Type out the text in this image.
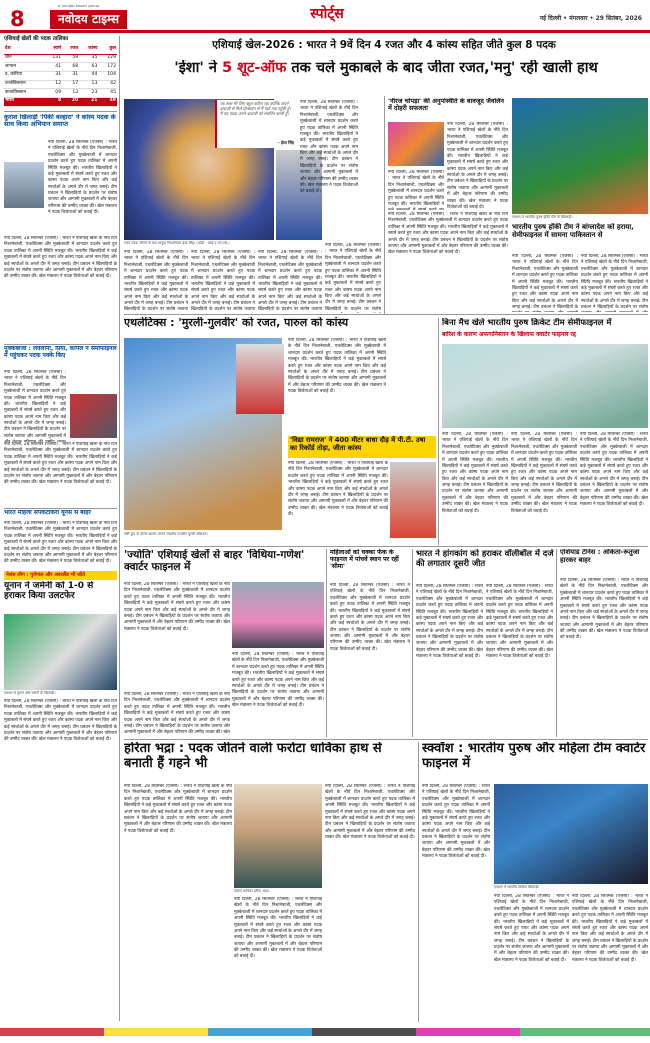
8
a punjab kesari group
नवोदय टाइम्स	स्पोर्ट्स	नई दिल्ली • मंगलवार • 29 सितंबर, 2026
एशियाई खेल-2026 : भारत ने 9वें दिन 4 रजत और 4 कांस्य सहित जीते कुल 8 पदक
एशियाई खेलों की पदक तालिका
देश	स्वर्ण	रजत	कांस्य	कुल
चीन	131	59	35	229
जापान	41	68	63	172
द. कोरिया	31	31	44	104
उज्बेकिस्तान	12	17	13	42
कजाकिस्तान	09	13	23	45
भारत	8	20	21	49
कुराश खिलाड़ी 'पिंकी बल्हारा' ने कांस्य पदक के साथ किया अभियान समाप्त
नयी दिल्ली, 28 सितम्बर (एजेंसी) : भारत ने एशियाई खेलों के नौवें दिन निशानेबाजी, एथलेटिक्स और मुक्केबाजी में शानदार प्रदर्शन करते हुए पदक तालिका में अपनी स्थिति मजबूत की। भारतीय खिलाड़ियों ने कड़े मुकाबलों में संघर्ष करते हुए रजत और कांस्य पदक अपने नाम किए और कई स्पर्धाओं के अगले दौर में जगह बनाई। टीम प्रबंधन ने खिलाड़ियों के प्रदर्शन पर संतोष जताया और आगामी मुकाबलों में और बेहतर परिणाम की उम्मीद व्यक्त की। खेल मंत्रालय ने पदक विजेताओं को बधाई दी।
नयी दिल्ली, 28 सितम्बर (एजेंसी) : भारत ने एशियाई खेलों के नौवें दिन निशानेबाजी, एथलेटिक्स और मुक्केबाजी में शानदार प्रदर्शन करते हुए पदक तालिका में अपनी स्थिति मजबूत की। भारतीय खिलाड़ियों ने कड़े मुकाबलों में संघर्ष करते हुए रजत और कांस्य पदक अपने नाम किए और कई स्पर्धाओं के अगले दौर में जगह बनाई। टीम प्रबंधन ने खिलाड़ियों के प्रदर्शन पर संतोष जताया और आगामी मुकाबलों में और बेहतर परिणाम की उम्मीद व्यक्त की। खेल मंत्रालय ने पदक विजेताओं को बधाई दी।
मुक्केबाजी : लवलीना, प्रिया, कपिल ने सेमीफाइनल में पहुंचकर पदक पक्के किए
नयी दिल्ली, 28 सितम्बर (एजेंसी) : भारत ने एशियाई खेलों के नौवें दिन निशानेबाजी, एथलेटिक्स और मुक्केबाजी में शानदार प्रदर्शन करते हुए पदक तालिका में अपनी स्थिति मजबूत की। भारतीय खिलाड़ियों ने कड़े मुकाबलों में संघर्ष करते हुए रजत और कांस्य पदक अपने नाम किए और कई स्पर्धाओं के अगले दौर में जगह बनाई। टीम प्रबंधन ने खिलाड़ियों के प्रदर्शन पर संतोष जताया और आगामी मुकाबलों में
नयी दिल्ली, 28 सितम्बर (एजेंसी) : भारत ने एशियाई खेलों के नौवें दिन निशानेबाजी, एथलेटिक्स और मुक्केबाजी में शानदार प्रदर्शन करते हुए पदक तालिका में अपनी स्थिति मजबूत की। भारतीय खिलाड़ियों ने कड़े मुकाबलों में संघर्ष करते हुए रजत और कांस्य पदक अपने नाम किए और कई स्पर्धाओं के अगले दौर में जगह बनाई। टीम प्रबंधन ने खिलाड़ियों के प्रदर्शन पर संतोष जताया और आगामी मुकाबलों में और बेहतर परिणाम की उम्मीद व्यक्त की। खेल मंत्रालय ने पदक विजेताओं को बधाई दी।
भारत महिला सेपकटाकरा यूनस से बाहर
नयी दिल्ली, 28 सितम्बर (एजेंसी) : भारत ने एशियाई खेलों के नौवें दिन निशानेबाजी, एथलेटिक्स और मुक्केबाजी में शानदार प्रदर्शन करते हुए पदक तालिका में अपनी स्थिति मजबूत की। भारतीय खिलाड़ियों ने कड़े मुकाबलों में संघर्ष करते हुए रजत और कांस्य पदक अपने नाम किए और कई स्पर्धाओं के अगले दौर में जगह बनाई। टीम प्रबंधन ने खिलाड़ियों के प्रदर्शन पर संतोष जताया और आगामी मुकाबलों में और बेहतर परिणाम की उम्मीद व्यक्त की। खेल मंत्रालय ने पदक विजेताओं को बधाई दी।
नेशंस लीग : पुर्तगाल और अवरलैंड भी जीते
यूनान ने जर्मनी को 1-0 से हराकर किया उलटफेर
एक्शन में यूनान और जर्मनी के खिलाड़ी।
नयी दिल्ली, 28 सितम्बर (एजेंसी) : भारत ने एशियाई खेलों के नौवें दिन निशानेबाजी, एथलेटिक्स और मुक्केबाजी में शानदार प्रदर्शन करते हुए पदक तालिका में अपनी स्थिति मजबूत की। भारतीय खिलाड़ियों ने कड़े मुकाबलों में संघर्ष करते हुए रजत और कांस्य पदक अपने नाम किए और कई स्पर्धाओं के अगले दौर में जगह बनाई। टीम प्रबंधन ने खिलाड़ियों के प्रदर्शन पर संतोष जताया और आगामी मुकाबलों में और बेहतर परिणाम की उम्मीद व्यक्त की। खेल मंत्रालय ने पदक विजेताओं को बधाई दी।
'ईशा' ने 5 शूट-ऑफ तक चले मुकाबले के बाद जीता रजत,'मनु' रही खाली हाथ
यह साल मेरे लिए बहुत कठिन रहा क्योंकि अपने दादाजी से मिले प्रोत्साहन से मैं यहाँ तक पहुँची हूँ। मैं यह पदक अपने दादाजी को समर्पित करती हूँ।
- ईशा सिंह
रजत पदक जीतने के बाद भावुक निशानेबाज ईशा सिंह। (फोटो : आई.ए.एन.एस.)
नयी दिल्ली, 28 सितम्बर (एजेंसी) : भारत ने एशियाई खेलों के नौवें दिन निशानेबाजी, एथलेटिक्स और मुक्केबाजी में शानदार प्रदर्शन करते हुए पदक तालिका में अपनी स्थिति मजबूत की। भारतीय खिलाड़ियों ने कड़े मुकाबलों में संघर्ष करते हुए रजत और कांस्य पदक अपने नाम किए और कई स्पर्धाओं के अगले दौर में जगह बनाई। टीम प्रबंधन ने खिलाड़ियों के प्रदर्शन पर संतोष जताया और आगामी मुकाबलों में और बेहतर परिणाम की उम्मीद व्यक्त की। खेल मंत्रालय ने पदक विजेताओं को बधाई दी।
नयी दिल्ली, 28 सितम्बर (एजेंसी) : भारत ने एशियाई खेलों के नौवें दिन निशानेबाजी, एथलेटिक्स और मुक्केबाजी में शानदार प्रदर्शन करते हुए पदक तालिका में अपनी स्थिति मजबूत की। भारतीय खिलाड़ियों ने कड़े मुकाबलों में संघर्ष करते हुए रजत और कांस्य पदक अपने नाम किए और कई स्पर्धाओं के अगले दौर में जगह बनाई। टीम प्रबंधन ने खिलाड़ियों के प्रदर्शन पर संतोष जताया
नयी दिल्ली, 28 सितम्बर (एजेंसी) : भारत ने एशियाई खेलों के नौवें दिन निशानेबाजी, एथलेटिक्स और मुक्केबाजी में शानदार प्रदर्शन करते हुए पदक तालिका में अपनी स्थिति मजबूत की। भारतीय खिलाड़ियों ने कड़े मुकाबलों में संघर्ष करते हुए रजत और कांस्य पदक अपने नाम किए और कई स्पर्धाओं के अगले दौर में जगह बनाई। टीम प्रबंधन ने खिलाड़ियों के प्रदर्शन पर संतोष जताया
नयी दिल्ली, 28 सितम्बर (एजेंसी) : भारत ने एशियाई खेलों के नौवें दिन निशानेबाजी, एथलेटिक्स और मुक्केबाजी में शानदार प्रदर्शन करते हुए पदक तालिका में अपनी स्थिति मजबूत की। भारतीय खिलाड़ियों ने कड़े मुकाबलों में संघर्ष करते हुए रजत और कांस्य पदक अपने नाम किए और कई स्पर्धाओं के अगले दौर में जगह बनाई। टीम प्रबंधन ने खिलाड़ियों के प्रदर्शन पर संतोष जताया
नयी दिल्ली, 28 सितम्बर (एजेंसी) : भारत ने एशियाई खेलों के नौवें दिन निशानेबाजी, एथलेटिक्स और मुक्केबाजी में शानदार प्रदर्शन करते हुए पदक तालिका में अपनी स्थिति मजबूत की। भारतीय खिलाड़ियों ने कड़े मुकाबलों में संघर्ष करते हुए रजत और कांस्य पदक अपने नाम किए और कई स्पर्धाओं के अगले दौर में जगह बनाई। टीम प्रबंधन ने खिलाड़ियों के प्रदर्शन पर संतोष
'नीरज चोपड़ा' की अनुपस्थिति के बावजूद जैवलिन में दोहरी सफलता
नयी दिल्ली, 28 सितम्बर (एजेंसी) : भारत ने एशियाई खेलों के नौवें दिन निशानेबाजी, एथलेटिक्स और मुक्केबाजी में शानदार प्रदर्शन करते हुए पदक तालिका में अपनी स्थिति मजबूत की। भारतीय खिलाड़ियों ने कड़े मुकाबलों में संघर्ष करते हुए रजत और कांस्य पदक अपने नाम किए और कई स्पर्धाओं के अगले दौर में जगह बनाई। टीम प्रबंधन ने खिलाड़ियों के प्रदर्शन पर संतोष जताया और आगामी मुकाबलों में और बेहतर परिणाम की उम्मीद व्यक्त की। खेल मंत्रालय ने पदक विजेताओं को बधाई दी।
नयी दिल्ली, 28 सितम्बर (एजेंसी) : भारत ने एशियाई खेलों के नौवें दिन निशानेबाजी, एथलेटिक्स और मुक्केबाजी में शानदार प्रदर्शन करते हुए पदक तालिका में अपनी स्थिति मजबूत की। भारतीय खिलाड़ियों ने
नयी दिल्ली, 28 सितम्बर (एजेंसी) : भारत ने एशियाई खेलों के नौवें दिन निशानेबाजी, एथलेटिक्स और मुक्केबाजी में शानदार प्रदर्शन करते हुए पदक तालिका में अपनी स्थिति मजबूत की। भारतीय खिलाड़ियों ने कड़े मुकाबलों में संघर्ष करते हुए रजत और कांस्य पदक अपने नाम किए और कई स्पर्धाओं के अगले दौर में जगह बनाई। टीम प्रबंधन ने खिलाड़ियों के प्रदर्शन पर संतोष जताया और आगामी मुकाबलों में और बेहतर परिणाम की उम्मीद व्यक्त की। खेल मंत्रालय ने पदक विजेताओं को बधाई दी।
एक्शन में भारतीय पुरुष हॉकी टीम के खिलाड़ी।
भारतीय पुरुष हॉकी टीम ने बांग्लादेश को हराया, सेमीफाइनल में सामना पाकिस्तान से
नयी दिल्ली, 28 सितम्बर (एजेंसी) : भारत ने एशियाई खेलों के नौवें दिन निशानेबाजी, एथलेटिक्स और मुक्केबाजी में शानदार प्रदर्शन करते हुए पदक तालिका में अपनी स्थिति मजबूत की। भारतीय खिलाड़ियों ने कड़े मुकाबलों में संघर्ष करते हुए रजत और कांस्य पदक अपने नाम किए और कई स्पर्धाओं के अगले दौर में जगह बनाई। टीम प्रबंधन ने खिलाड़ियों के
नयी दिल्ली, 28 सितम्बर (एजेंसी) : भारत ने एशियाई खेलों के नौवें दिन निशानेबाजी, एथलेटिक्स और मुक्केबाजी में शानदार प्रदर्शन करते हुए पदक तालिका में अपनी स्थिति मजबूत की। भारतीय खिलाड़ियों ने कड़े मुकाबलों में संघर्ष करते हुए रजत और कांस्य पदक अपने नाम किए और कई स्पर्धाओं के अगले दौर में जगह बनाई। टीम प्रबंधन ने खिलाड़ियों के प्रदर्शन पर संतोष
एथलेटिक्स : 'मुरली-गुलवीर' को रजत, पारुल को कांस्य
लंबी कूद के दौरान छलांग लगाते भारतीय एथलीट मुरली श्रीशंकर।
नयी दिल्ली, 28 सितम्बर (एजेंसी) : भारत ने एशियाई खेलों के नौवें दिन निशानेबाजी, एथलेटिक्स और मुक्केबाजी में शानदार प्रदर्शन करते हुए पदक तालिका में अपनी स्थिति मजबूत की। भारतीय खिलाड़ियों ने कड़े मुकाबलों में संघर्ष करते हुए रजत और कांस्य पदक अपने नाम किए और कई स्पर्धाओं के अगले दौर में जगह बनाई। टीम प्रबंधन ने खिलाड़ियों के प्रदर्शन पर संतोष जताया और आगामी मुकाबलों में और बेहतर परिणाम की उम्मीद व्यक्त की। खेल मंत्रालय ने पदक विजेताओं को बधाई दी।
'विद्या रामराज' ने 400 मीटर बाधा दौड़ में पी.टी. उषा का रिकॉर्ड तोड़ा, जीता कांस्य
नयी दिल्ली, 28 सितम्बर (एजेंसी) : भारत ने एशियाई खेलों के नौवें दिन निशानेबाजी, एथलेटिक्स और मुक्केबाजी में शानदार प्रदर्शन करते हुए पदक तालिका में अपनी स्थिति मजबूत की। भारतीय खिलाड़ियों ने कड़े मुकाबलों में संघर्ष करते हुए रजत और कांस्य पदक अपने नाम किए और कई स्पर्धाओं के अगले दौर में जगह बनाई। टीम प्रबंधन ने खिलाड़ियों के प्रदर्शन पर संतोष जताया और आगामी मुकाबलों में और बेहतर परिणाम की उम्मीद व्यक्त की। खेल मंत्रालय ने पदक विजेताओं को बधाई दी।
बिना मैच खेले भारतीय पुरुष क्रिकेट टीम सेमीफाइनल में
बारिश के कारण अफगानिस्तान के खिलाफ क्वार्टर फाइनल रद्द
नयी दिल्ली, 28 सितम्बर (एजेंसी) : भारत ने एशियाई खेलों के नौवें दिन निशानेबाजी, एथलेटिक्स और मुक्केबाजी में शानदार प्रदर्शन करते हुए पदक तालिका में अपनी स्थिति मजबूत की। भारतीय खिलाड़ियों ने कड़े मुकाबलों में संघर्ष करते हुए रजत और कांस्य पदक अपने नाम किए और कई स्पर्धाओं के अगले दौर में जगह बनाई। टीम प्रबंधन ने खिलाड़ियों के प्रदर्शन पर संतोष जताया और आगामी मुकाबलों में और बेहतर परिणाम की उम्मीद व्यक्त की। खेल मंत्रालय ने पदक विजेताओं को बधाई दी।
नयी दिल्ली, 28 सितम्बर (एजेंसी) : भारत ने एशियाई खेलों के नौवें दिन निशानेबाजी, एथलेटिक्स और मुक्केबाजी में शानदार प्रदर्शन करते हुए पदक तालिका में अपनी स्थिति मजबूत की। भारतीय खिलाड़ियों ने कड़े मुकाबलों में संघर्ष करते हुए रजत और कांस्य पदक अपने नाम किए और कई स्पर्धाओं के अगले दौर में जगह बनाई। टीम प्रबंधन ने खिलाड़ियों के प्रदर्शन पर संतोष जताया और आगामी मुकाबलों में और बेहतर परिणाम की उम्मीद व्यक्त की। खेल मंत्रालय ने पदक विजेताओं को बधाई दी।
नयी दिल्ली, 28 सितम्बर (एजेंसी) : भारत ने एशियाई खेलों के नौवें दिन निशानेबाजी, एथलेटिक्स और मुक्केबाजी में शानदार प्रदर्शन करते हुए पदक तालिका में अपनी स्थिति मजबूत की। भारतीय खिलाड़ियों ने कड़े मुकाबलों में संघर्ष करते हुए रजत और कांस्य पदक अपने नाम किए और कई स्पर्धाओं के अगले दौर में जगह बनाई। टीम प्रबंधन ने खिलाड़ियों के प्रदर्शन पर संतोष जताया और आगामी मुकाबलों में और बेहतर परिणाम की उम्मीद व्यक्त की। खेल मंत्रालय ने पदक विजेताओं को बधाई दी।
'ज्योति' एशियाई खेलों से बाहर 'विथिया-गणेश' क्वार्टर फाइनल में
नयी दिल्ली, 28 सितम्बर (एजेंसी) : भारत ने एशियाई खेलों के नौवें दिन निशानेबाजी, एथलेटिक्स और मुक्केबाजी में शानदार प्रदर्शन करते हुए पदक तालिका में अपनी स्थिति मजबूत की। भारतीय खिलाड़ियों ने कड़े मुकाबलों में संघर्ष करते हुए रजत और कांस्य पदक अपने नाम किए और कई स्पर्धाओं के अगले दौर में जगह बनाई। टीम प्रबंधन ने खिलाड़ियों के प्रदर्शन पर संतोष जताया और आगामी मुकाबलों में और बेहतर परिणाम की उम्मीद व्यक्त की। खेल मंत्रालय ने पदक विजेताओं को बधाई दी।
नयी दिल्ली, 28 सितम्बर (एजेंसी) : भारत ने एशियाई खेलों के नौवें दिन निशानेबाजी, एथलेटिक्स और मुक्केबाजी में शानदार प्रदर्शन करते हुए पदक तालिका में अपनी स्थिति मजबूत की। भारतीय खिलाड़ियों ने कड़े मुकाबलों में संघर्ष करते हुए रजत और कांस्य पदक अपने नाम किए और कई स्पर्धाओं के अगले दौर में जगह बनाई। टीम प्रबंधन ने खिलाड़ियों के प्रदर्शन पर संतोष जताया और आगामी मुकाबलों में और बेहतर परिणाम की उम्मीद व्यक्त की। खेल मंत्रालय ने पदक विजेताओं को बधाई दी।
नयी दिल्ली, 28 सितम्बर (एजेंसी) : भारत ने एशियाई खेलों के नौवें दिन निशानेबाजी, एथलेटिक्स और मुक्केबाजी में शानदार प्रदर्शन करते हुए पदक तालिका में अपनी स्थिति मजबूत की। भारतीय खिलाड़ियों ने कड़े मुकाबलों में संघर्ष करते हुए रजत और कांस्य पदक अपने नाम किए और कई स्पर्धाओं के अगले दौर में जगह बनाई। टीम प्रबंधन ने खिलाड़ियों के प्रदर्शन पर संतोष जताया और आगामी मुकाबलों में और बेहतर परिणाम की उम्मीद व्यक्त की। खेल
महिलाओं को चक्का फेंक के फाइनल में पांचवें स्थान पर रहीं 'सीमा'
नयी दिल्ली, 28 सितम्बर (एजेंसी) : भारत ने एशियाई खेलों के नौवें दिन निशानेबाजी, एथलेटिक्स और मुक्केबाजी में शानदार प्रदर्शन करते हुए पदक तालिका में अपनी स्थिति मजबूत की। भारतीय खिलाड़ियों ने कड़े मुकाबलों में संघर्ष करते हुए रजत और कांस्य पदक अपने नाम किए और कई स्पर्धाओं के अगले दौर में जगह बनाई। टीम प्रबंधन ने खिलाड़ियों के प्रदर्शन पर संतोष जताया और आगामी मुकाबलों में और बेहतर परिणाम की उम्मीद व्यक्त की। खेल मंत्रालय ने पदक विजेताओं को बधाई दी।
भारत ने हांगकांग को हराकर वॉलीबॉल में दर्ज की लगातार दूसरी जीत
नयी दिल्ली, 28 सितम्बर (एजेंसी) : भारत ने एशियाई खेलों के नौवें दिन निशानेबाजी, एथलेटिक्स और मुक्केबाजी में शानदार प्रदर्शन करते हुए पदक तालिका में अपनी स्थिति मजबूत की। भारतीय खिलाड़ियों ने कड़े मुकाबलों में संघर्ष करते हुए रजत और कांस्य पदक अपने नाम किए और कई स्पर्धाओं के अगले दौर में जगह बनाई। टीम प्रबंधन ने खिलाड़ियों के प्रदर्शन पर संतोष जताया और आगामी मुकाबलों में और बेहतर परिणाम की उम्मीद व्यक्त की। खेल मंत्रालय ने पदक विजेताओं को बधाई दी।
नयी दिल्ली, 28 सितम्बर (एजेंसी) : भारत ने एशियाई खेलों के नौवें दिन निशानेबाजी, एथलेटिक्स और मुक्केबाजी में शानदार प्रदर्शन करते हुए पदक तालिका में अपनी स्थिति मजबूत की। भारतीय खिलाड़ियों ने कड़े मुकाबलों में संघर्ष करते हुए रजत और कांस्य पदक अपने नाम किए और कई स्पर्धाओं के अगले दौर में जगह बनाई। टीम प्रबंधन ने खिलाड़ियों के प्रदर्शन पर संतोष जताया और आगामी मुकाबलों में और बेहतर परिणाम की उम्मीद व्यक्त की। खेल मंत्रालय ने पदक विजेताओं को बधाई दी।
एशियाड टेनिस : अंकिता-रूतुजा हारकर बाहर
नयी दिल्ली, 28 सितम्बर (एजेंसी) : भारत ने एशियाई खेलों के नौवें दिन निशानेबाजी, एथलेटिक्स और मुक्केबाजी में शानदार प्रदर्शन करते हुए पदक तालिका में अपनी स्थिति मजबूत की। भारतीय खिलाड़ियों ने कड़े मुकाबलों में संघर्ष करते हुए रजत और कांस्य पदक अपने नाम किए और कई स्पर्धाओं के अगले दौर में जगह बनाई। टीम प्रबंधन ने खिलाड़ियों के प्रदर्शन पर संतोष जताया और आगामी मुकाबलों में और बेहतर परिणाम की उम्मीद व्यक्त की। खेल मंत्रालय ने पदक विजेताओं को बधाई दी।
हरिता भद्रा : पदक जीतने वाली फर्राटा धाविका हाथ से बनाती हैं गहने भी
नयी दिल्ली, 28 सितम्बर (एजेंसी) : भारत ने एशियाई खेलों के नौवें दिन निशानेबाजी, एथलेटिक्स और मुक्केबाजी में शानदार प्रदर्शन करते हुए पदक तालिका में अपनी स्थिति मजबूत की। भारतीय खिलाड़ियों ने कड़े मुकाबलों में संघर्ष करते हुए रजत और कांस्य पदक अपने नाम किए और कई स्पर्धाओं के अगले दौर में जगह बनाई। टीम प्रबंधन ने खिलाड़ियों के प्रदर्शन पर संतोष जताया और आगामी मुकाबलों में और बेहतर परिणाम की उम्मीद व्यक्त की। खेल मंत्रालय ने पदक विजेताओं को बधाई दी।
फर्राटा धाविका हरिता भद्रा।
नयी दिल्ली, 28 सितम्बर (एजेंसी) : भारत ने एशियाई खेलों के नौवें दिन निशानेबाजी, एथलेटिक्स और मुक्केबाजी में शानदार प्रदर्शन करते हुए पदक तालिका में अपनी स्थिति मजबूत की। भारतीय खिलाड़ियों ने कड़े मुकाबलों में संघर्ष करते हुए रजत और कांस्य पदक अपने नाम किए और कई स्पर्धाओं के अगले दौर में जगह बनाई। टीम प्रबंधन ने खिलाड़ियों के प्रदर्शन पर संतोष जताया और आगामी मुकाबलों में और बेहतर परिणाम की उम्मीद व्यक्त की। खेल मंत्रालय ने पदक विजेताओं को बधाई दी।
नयी दिल्ली, 28 सितम्बर (एजेंसी) : भारत ने एशियाई खेलों के नौवें दिन निशानेबाजी, एथलेटिक्स और मुक्केबाजी में शानदार प्रदर्शन करते हुए पदक तालिका में अपनी स्थिति मजबूत की। भारतीय खिलाड़ियों ने कड़े मुकाबलों में संघर्ष करते हुए रजत और कांस्य पदक अपने नाम किए और कई स्पर्धाओं के अगले दौर में जगह बनाई। टीम प्रबंधन ने खिलाड़ियों के प्रदर्शन पर संतोष जताया और आगामी मुकाबलों में और बेहतर परिणाम की उम्मीद व्यक्त की। खेल मंत्रालय ने पदक विजेताओं को बधाई दी।
स्क्वॉश : भारतीय पुरुष और महिला टीम क्वार्टर फाइनल में
नयी दिल्ली, 28 सितम्बर (एजेंसी) : भारत ने एशियाई खेलों के नौवें दिन निशानेबाजी, एथलेटिक्स और मुक्केबाजी में शानदार प्रदर्शन करते हुए पदक तालिका में अपनी स्थिति मजबूत की। भारतीय खिलाड़ियों ने कड़े मुकाबलों में संघर्ष करते हुए रजत और कांस्य पदक अपने नाम किए और कई स्पर्धाओं के अगले दौर में जगह बनाई। टीम प्रबंधन ने खिलाड़ियों के प्रदर्शन पर संतोष जताया और आगामी मुकाबलों में और बेहतर परिणाम की उम्मीद व्यक्त की। खेल मंत्रालय ने पदक विजेताओं को बधाई दी।
एक्शन में भारतीय स्क्वॉश खिलाड़ी।
नयी दिल्ली, 28 सितम्बर (एजेंसी) : भारत ने एशियाई खेलों के नौवें दिन निशानेबाजी, एथलेटिक्स और मुक्केबाजी में शानदार प्रदर्शन करते हुए पदक तालिका में अपनी स्थिति मजबूत की। भारतीय खिलाड़ियों ने कड़े मुकाबलों में संघर्ष करते हुए रजत और कांस्य पदक अपने नाम किए और कई स्पर्धाओं के अगले दौर में जगह बनाई। टीम प्रबंधन ने खिलाड़ियों के प्रदर्शन पर संतोष जताया और आगामी मुकाबलों में और बेहतर परिणाम की उम्मीद व्यक्त की। खेल मंत्रालय ने पदक विजेताओं को बधाई दी।
नयी दिल्ली, 28 सितम्बर (एजेंसी) : भारत ने एशियाई खेलों के नौवें दिन निशानेबाजी, एथलेटिक्स और मुक्केबाजी में शानदार प्रदर्शन करते हुए पदक तालिका में अपनी स्थिति मजबूत की। भारतीय खिलाड़ियों ने कड़े मुकाबलों में संघर्ष करते हुए रजत और कांस्य पदक अपने नाम किए और कई स्पर्धाओं के अगले दौर में जगह बनाई। टीम प्रबंधन ने खिलाड़ियों के प्रदर्शन पर संतोष जताया और आगामी मुकाबलों में और बेहतर परिणाम की उम्मीद व्यक्त की। खेल मंत्रालय ने पदक विजेताओं को बधाई दी।
